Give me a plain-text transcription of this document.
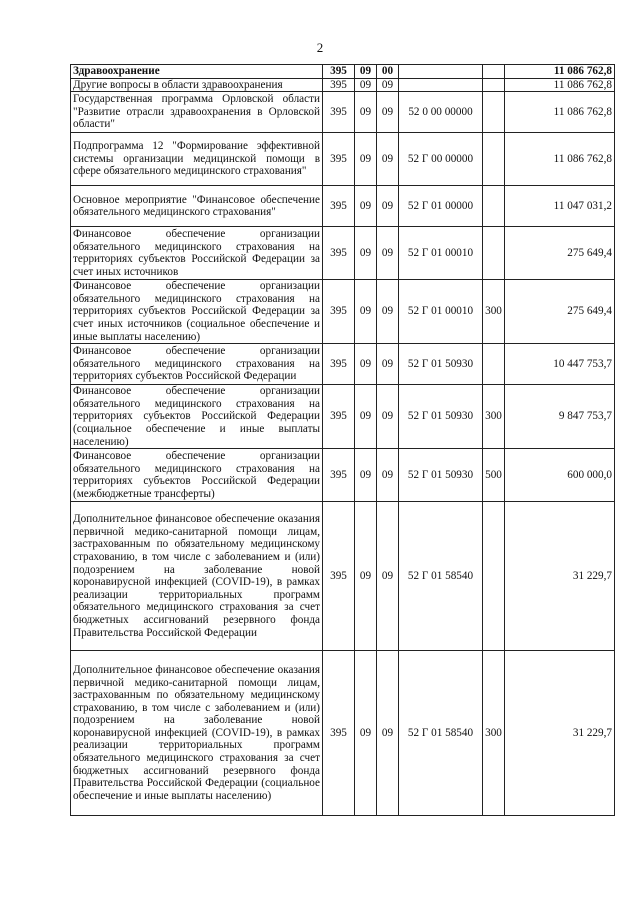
2
Здравоохранение	395	09	00			11 086 762,8
Другие вопросы в области здравоохранения	395	09	09			11 086 762,8
Государственная программа Орловской области "Развитие отрасли здравоохранения в Орловской области"	395	09	09	52 0 00 00000		11 086 762,8
Подпрограмма 12 "Формирование эффективной системы организации медицинской помощи в сфере обязательного медицинского страхования"	395	09	09	52 Г 00 00000		11 086 762,8
Основное мероприятие "Финансовое обеспечение обязательного медицинского страхования"	395	09	09	52 Г 01 00000		11 047 031,2
Финансовое обеспечение организации обязательного медицинского страхования на территориях субъектов Российской Федерации за счет иных источников	395	09	09	52 Г 01 00010		275 649,4
Финансовое обеспечение организации обязательного медицинского страхования на территориях субъектов Российской Федерации за счет иных источников (социальное обеспечение и иные выплаты населению)	395	09	09	52 Г 01 00010	300	275 649,4
Финансовое обеспечение организации обязательного медицинского страхования на территориях субъектов Российской Федерации	395	09	09	52 Г 01 50930		10 447 753,7
Финансовое обеспечение организации обязательного медицинского страхования на территориях субъектов Российской Федерации (социальное обеспечение и иные выплаты населению)	395	09	09	52 Г 01 50930	300	9 847 753,7
Финансовое обеспечение организации обязательного медицинского страхования на территориях субъектов Российской Федерации (межбюджетные трансферты)	395	09	09	52 Г 01 50930	500	600 000,0
Дополнительное финансовое обеспечение оказания первичной медико-санитарной помощи лицам, застрахованным по обязательному медицинскому страхованию, в том числе с заболеванием и (или) подозрением на заболевание новой коронавирусной инфекцией (COVID-19), в рамках реализации территориальных программ обязательного медицинского страхования за счет бюджетных ассигнований резервного фонда Правительства Российской Федерации	395	09	09	52 Г 01 58540		31 229,7
Дополнительное финансовое обеспечение оказания первичной медико-санитарной помощи лицам, застрахованным по обязательному медицинскому страхованию, в том числе с заболеванием и (или) подозрением на заболевание новой коронавирусной инфекцией (COVID-19), в рамках реализации территориальных программ обязательного медицинского страхования за счет бюджетных ассигнований резервного фонда Правительства Российской Федерации (социальное обеспечение и иные выплаты населению)	395	09	09	52 Г 01 58540	300	31 229,7
